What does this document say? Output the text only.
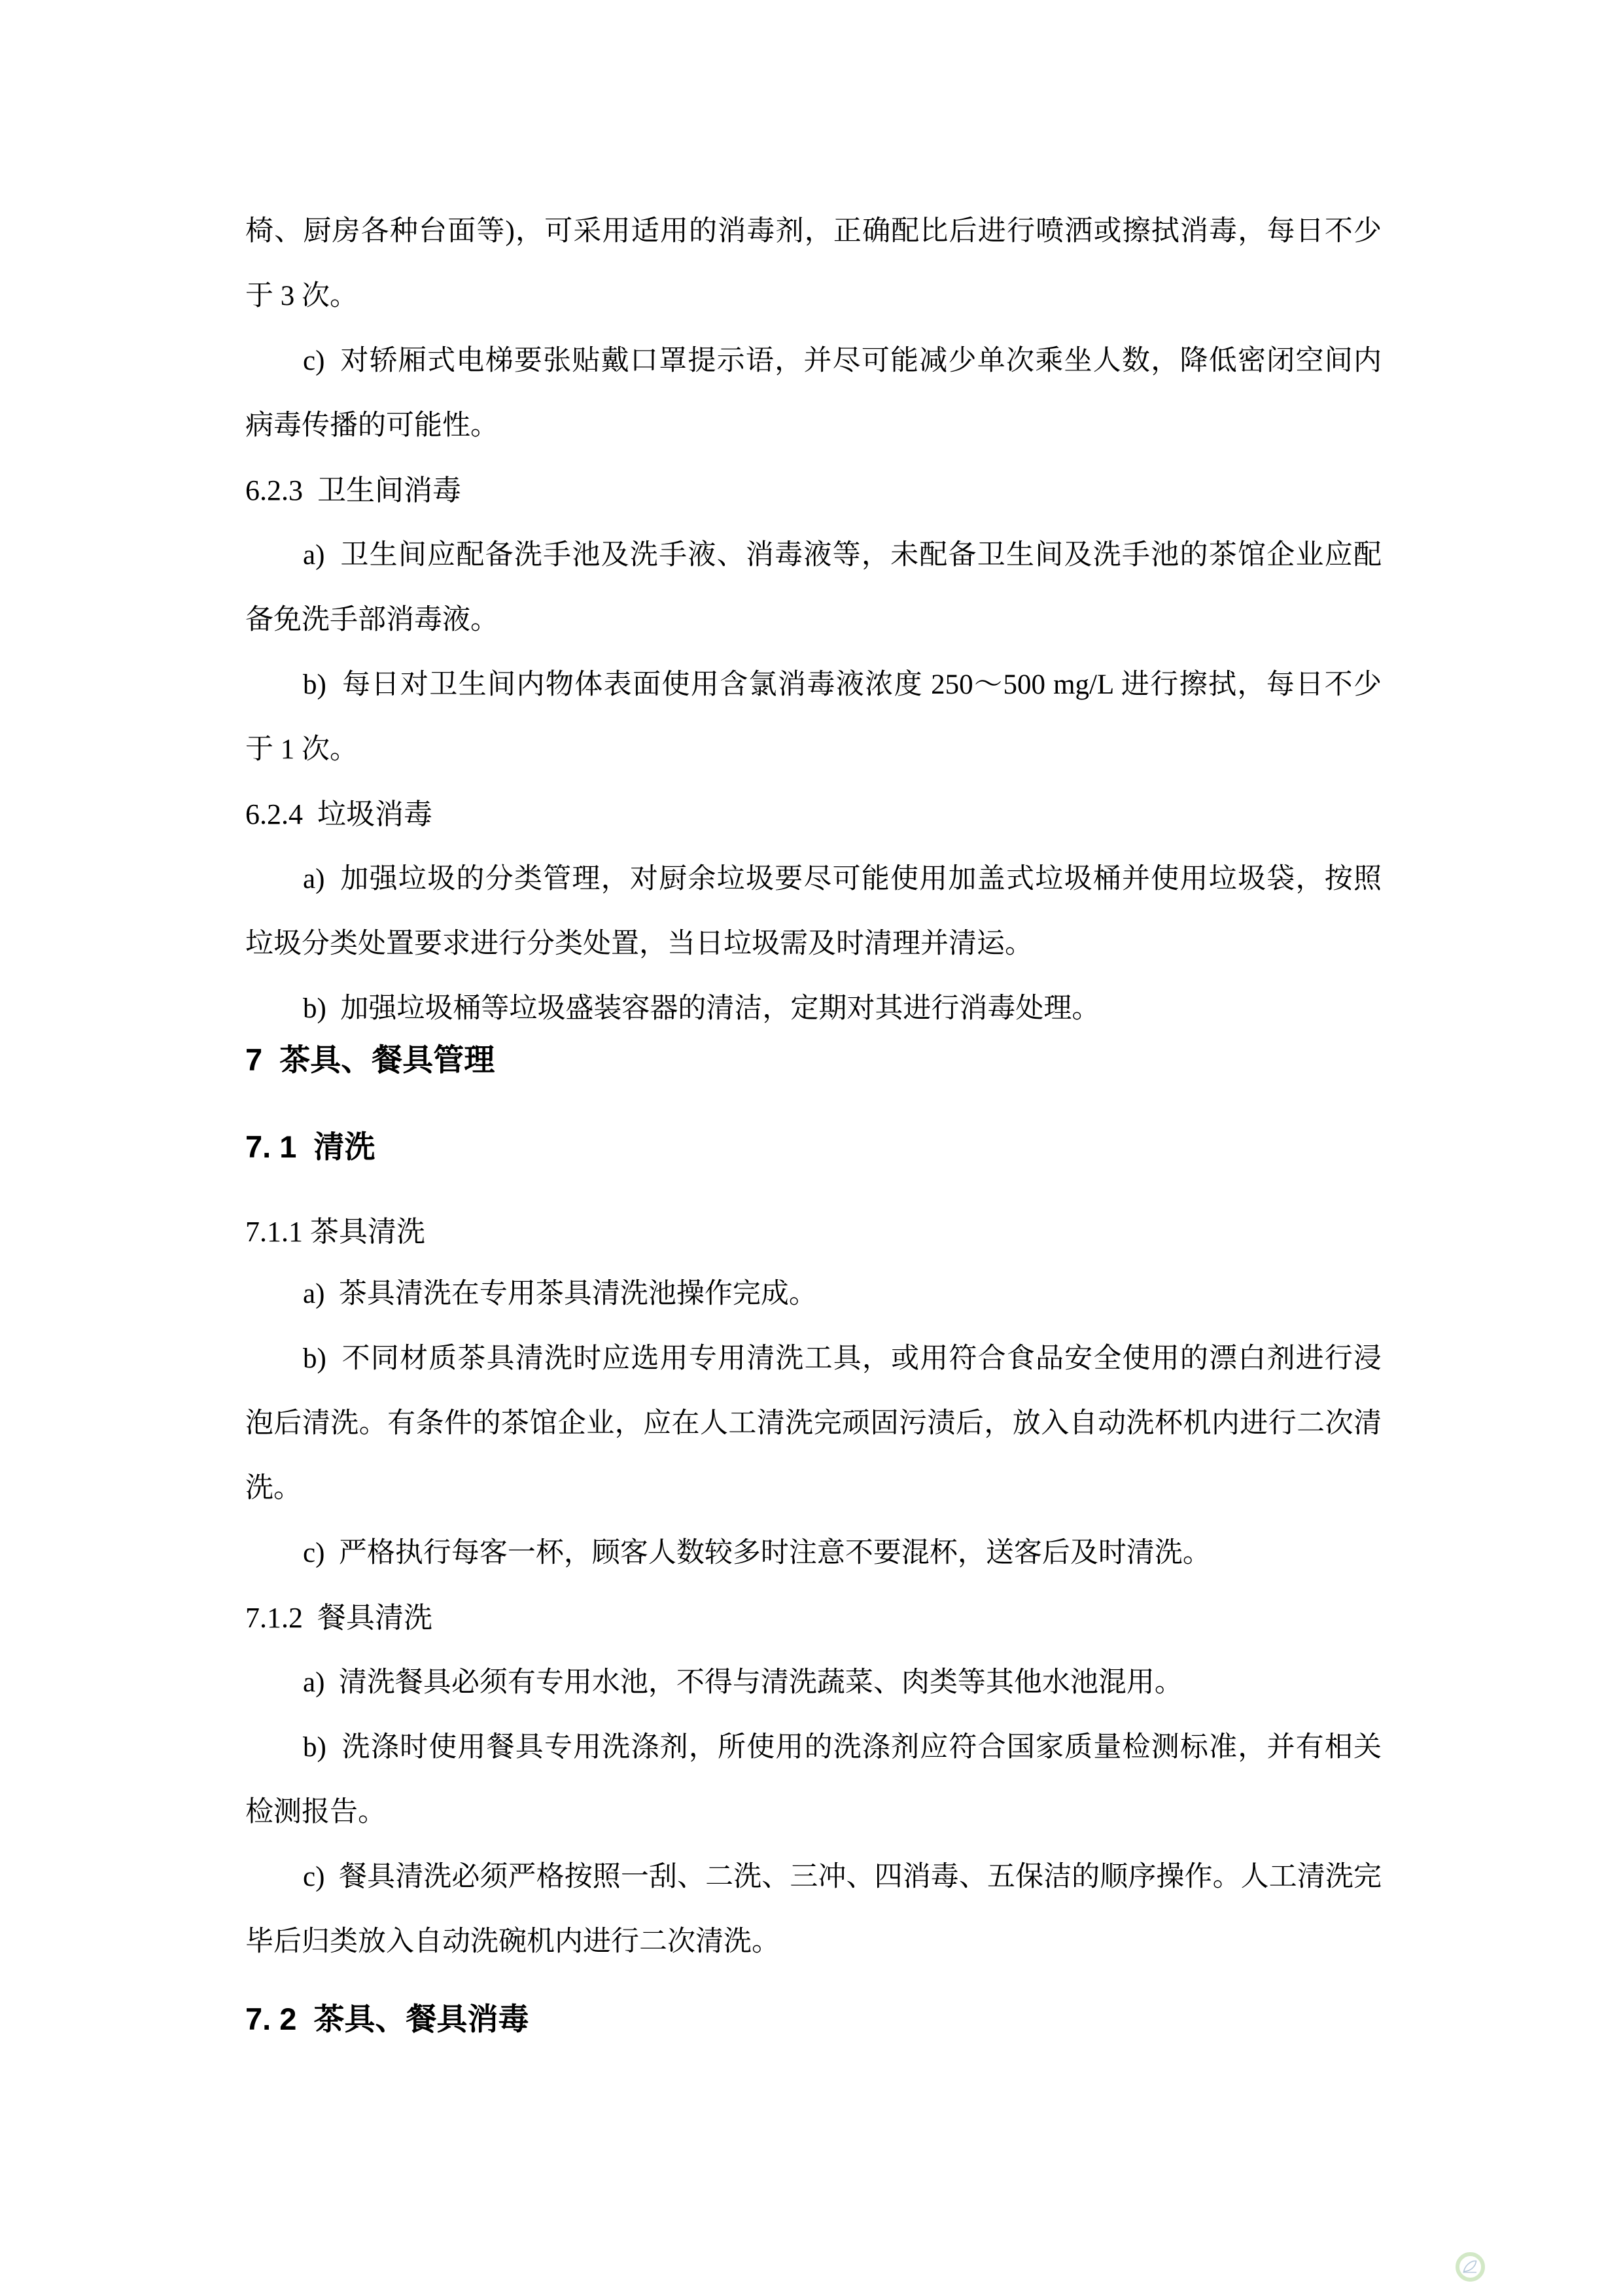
椅、厨房各种台面等)，可采用适用的消毒剂，正确配比后进行喷洒或擦拭消毒，每日不少
于 3 次。
c)  对轿厢式电梯要张贴戴口罩提示语，并尽可能减少单次乘坐人数，降低密闭空间内
病毒传播的可能性。
6.2.3  卫生间消毒
a)  卫生间应配备洗手池及洗手液、消毒液等，未配备卫生间及洗手池的茶馆企业应配
备免洗手部消毒液。
b)  每日对卫生间内物体表面使用含氯消毒液浓度 250～500 mg/L 进行擦拭，每日不少
于 1 次。
6.2.4  垃圾消毒
a)  加强垃圾的分类管理，对厨余垃圾要尽可能使用加盖式垃圾桶并使用垃圾袋，按照
垃圾分类处置要求进行分类处置，当日垃圾需及时清理并清运。
b)  加强垃圾桶等垃圾盛装容器的清洁，定期对其进行消毒处理。
7  茶具、餐具管理
7. 1  清洗
7.1.1 茶具清洗
a)  茶具清洗在专用茶具清洗池操作完成。
b)  不同材质茶具清洗时应选用专用清洗工具，或用符合食品安全使用的漂白剂进行浸
泡后清洗。有条件的茶馆企业，应在人工清洗完顽固污渍后，放入自动洗杯机内进行二次清
洗。
c)  严格执行每客一杯，顾客人数较多时注意不要混杯，送客后及时清洗。
7.1.2  餐具清洗
a)  清洗餐具必须有专用水池，不得与清洗蔬菜、肉类等其他水池混用。
b)  洗涤时使用餐具专用洗涤剂，所使用的洗涤剂应符合国家质量检测标准，并有相关
检测报告。
c)  餐具清洗必须严格按照一刮、二洗、三冲、四消毒、五保洁的顺序操作。人工清洗完
毕后归类放入自动洗碗机内进行二次清洗。
7. 2  茶具、餐具消毒
